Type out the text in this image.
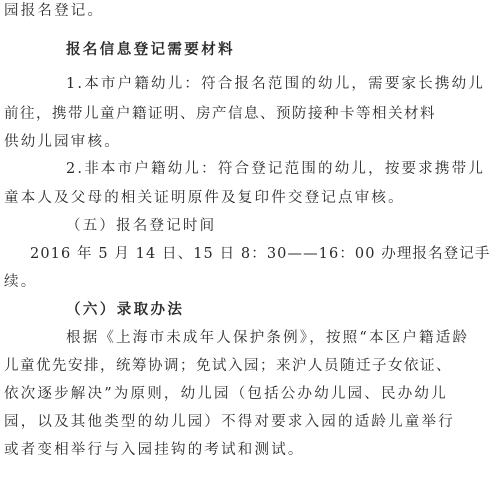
园报名登记。
报名信息登记需要材料
1.本市户籍幼儿：符合报名范围的幼儿，需要家长携幼儿
前往，携带儿童户籍证明、房产信息、预防接种卡等相关材料
供幼儿园审核。
2.非本市户籍幼儿：符合登记范围的幼儿，按要求携带儿
童本人及父母的相关证明原件及复印件交登记点审核。
（五）报名登记时间
2016 年 5 月 14 日、15 日 8：30——16：00 办理报名登记手
续。
（六）录取办法
根据《上海市未成年人保护条例》，按照“本区户籍适龄
儿童优先安排，统筹协调；免试入园；来沪人员随迁子女依证、
依次逐步解决”为原则，幼儿园（包括公办幼儿园、民办幼儿
园，以及其他类型的幼儿园）不得对要求入园的适龄儿童举行
或者变相举行与入园挂钩的考试和测试。
